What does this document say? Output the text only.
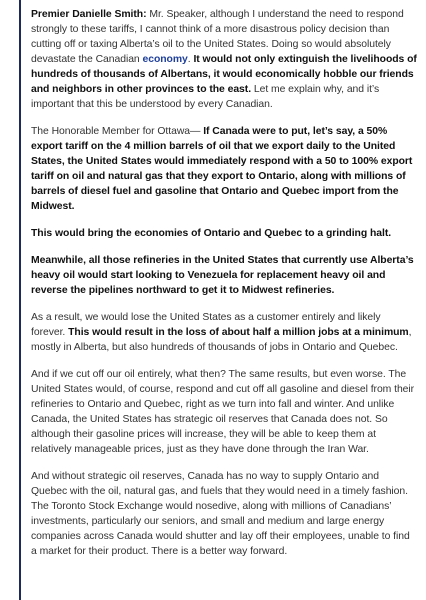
Premier Danielle Smith: Mr. Speaker, although I understand the need to respond strongly to these tariffs, I cannot think of a more disastrous policy decision than cutting off or taxing Alberta’s oil to the United States. Doing so would absolutely devastate the Canadian economy. It would not only extinguish the livelihoods of hundreds of thousands of Albertans, it would economically hobble our friends and neighbors in other provinces to the east. Let me explain why, and it’s important that this be understood by every Canadian.

The Honorable Member for Ottawa— If Canada were to put, let’s say, a 50% export tariff on the 4 million barrels of oil that we export daily to the United States, the United States would immediately respond with a 50 to 100% export tariff on oil and natural gas that they export to Ontario, along with millions of barrels of diesel fuel and gasoline that Ontario and Quebec import from the Midwest.

This would bring the economies of Ontario and Quebec to a grinding halt.

Meanwhile, all those refineries in the United States that currently use Alberta’s heavy oil would start looking to Venezuela for replacement heavy oil and reverse the pipelines northward to get it to Midwest refineries.

As a result, we would lose the United States as a customer entirely and likely forever. This would result in the loss of about half a million jobs at a minimum, mostly in Alberta, but also hundreds of thousands of jobs in Ontario and Quebec.

And if we cut off our oil entirely, what then? The same results, but even worse. The United States would, of course, respond and cut off all gasoline and diesel from their refineries to Ontario and Quebec, right as we turn into fall and winter. And unlike Canada, the United States has strategic oil reserves that Canada does not. So although their gasoline prices will increase, they will be able to keep them at relatively manageable prices, just as they have done through the Iran War.

And without strategic oil reserves, Canada has no way to supply Ontario and Quebec with the oil, natural gas, and fuels that they would need in a timely fashion. The Toronto Stock Exchange would nosedive, along with millions of Canadians’ investments, particularly our seniors, and small and medium and large energy companies across Canada would shutter and lay off their employees, unable to find a market for their product. There is a better way forward.
